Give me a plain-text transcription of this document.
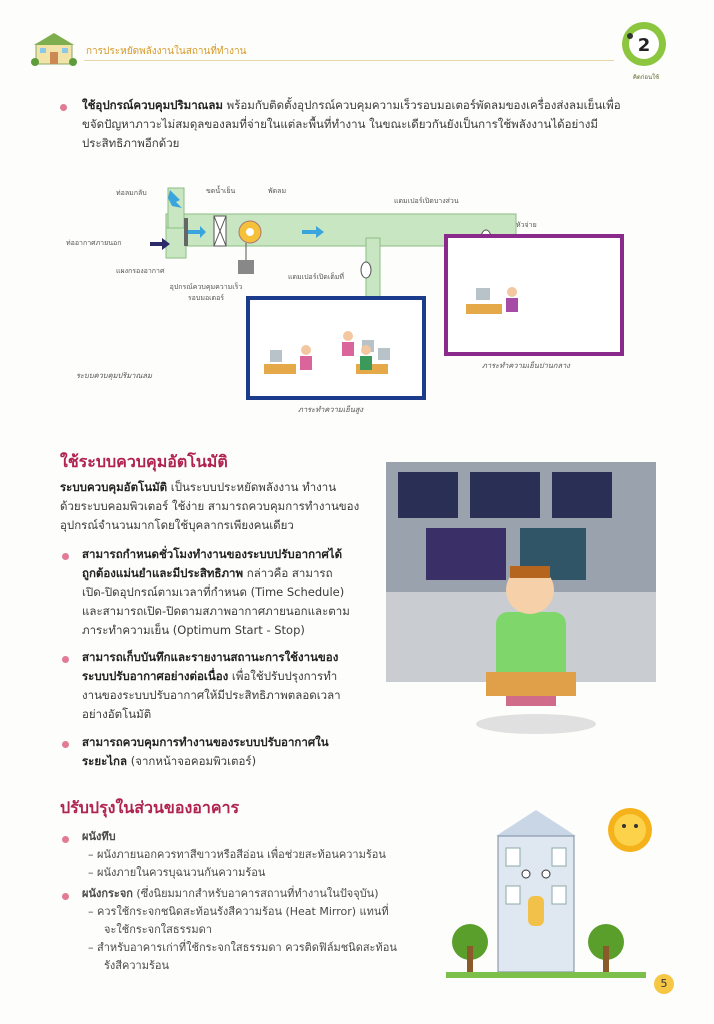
การประหยัดพลังงานในสถานที่ทำงาน	2
คิดก่อนใช้
ใช้อุปกรณ์ควบคุมปริมาณลม พร้อมกับติดตั้งอุปกรณ์ควบคุมความเร็วรอบมอเตอร์พัดลมของเครื่องส่งลมเย็นเพื่อ
ขจัดปัญหาภาวะไม่สมดุลของลมที่จ่ายในแต่ละพื้นที่ทำงาน ในขณะเดียวกันยังเป็นการใช้พลังงานได้อย่างมี
ประสิทธิภาพอีกด้วย
ท่อลมกลับ	ขดน้ำเย็น	พัดลม
แดมเปอร์เปิดบางส่วน
หัวจ่าย
ท่ออากาศภายนอก
แผงกรองอากาศ
แดมเปอร์เปิดเต็มที่
อุปกรณ์ควบคุมความเร็วรอบมอเตอร์
ระบบควบคุมปริมาณลม
ภาระทำความเย็นปานกลาง
ภาระทำความเย็นสูง
ใช้ระบบควบคุมอัตโนมัติ
ระบบควบคุมอัตโนมัติ เป็นระบบประหยัดพลังงาน ทำงาน
ด้วยระบบคอมพิวเตอร์ ใช้ง่าย สามารถควบคุมการทำงานของ
อุปกรณ์จำนวนมากโดยใช้บุคลากรเพียงคนเดียว
สามารถกำหนดชั่วโมงทำงานของระบบปรับอากาศได้
ถูกต้องแม่นยำและมีประสิทธิภาพ กล่าวคือ สามารถ
เปิด-ปิดอุปกรณ์ตามเวลาที่กำหนด (Time Schedule)
และสามารถเปิด-ปิดตามสภาพอากาศภายนอกและตาม
ภาระทำความเย็น (Optimum Start - Stop)
สามารถเก็บบันทึกและรายงานสถานะการใช้งานของ
ระบบปรับอากาศอย่างต่อเนื่อง เพื่อใช้ปรับปรุงการทำ
งานของระบบปรับอากาศให้มีประสิทธิภาพตลอดเวลา
อย่างอัตโนมัติ
สามารถควบคุมการทำงานของระบบปรับอากาศใน
ระยะไกล (จากหน้าจอคอมพิวเตอร์)
ปรับปรุงในส่วนของอาคาร
ผนังทึบ
– ผนังภายนอกควรทาสีขาวหรือสีอ่อน เพื่อช่วยสะท้อนความร้อน
– ผนังภายในควรบุฉนวนกันความร้อน
ผนังกระจก (ซึ่งนิยมมากสำหรับอาคารสถานที่ทำงานในปัจจุบัน)
– ควรใช้กระจกชนิดสะท้อนรังสีความร้อน (Heat Mirror) แทนที่
จะใช้กระจกใสธรรมดา
– สำหรับอาคารเก่าที่ใช้กระจกใสธรรมดา ควรติดฟิล์มชนิดสะท้อน
รังสีความร้อน
5
